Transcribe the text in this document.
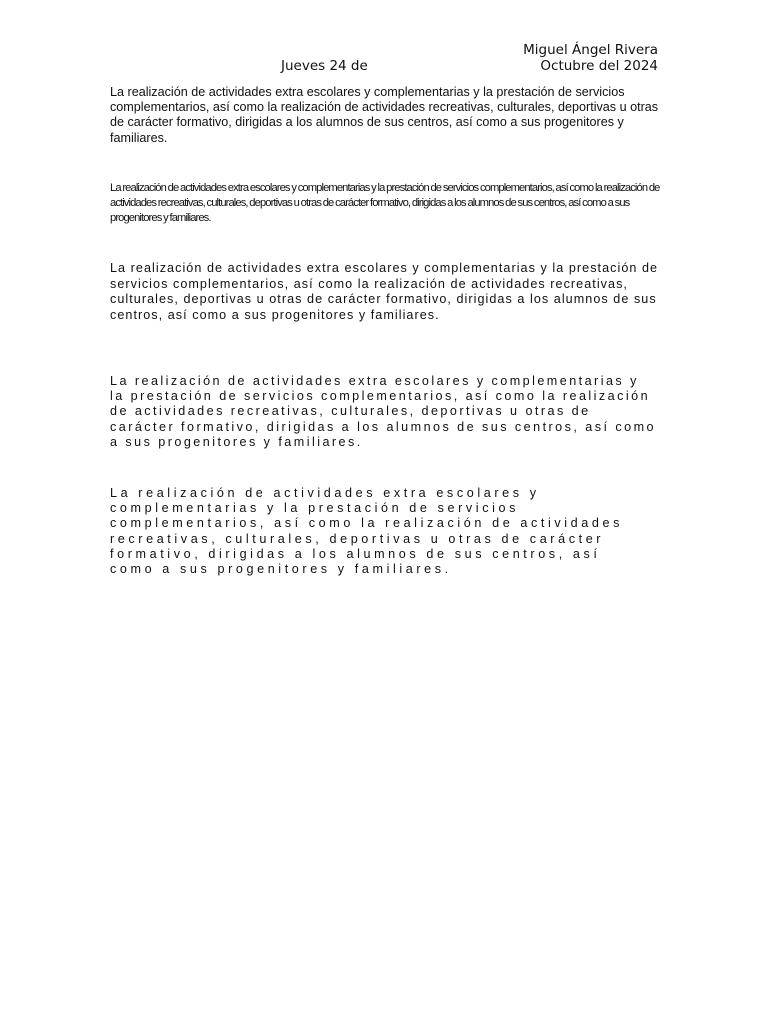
Miguel Ángel Rivera
Jueves 24 de	Octubre del 2024

La realización de actividades extra escolares y complementarias y la prestación de servicios complementarios, así como la realización de actividades recreativas, culturales, deportivas u otras de carácter formativo, dirigidas a los alumnos de sus centros, así como a sus progenitores y familiares.

La realización de actividades extra escolares y complementarias y la prestación de servicios complementarios, así como la realización de actividades recreativas, culturales, deportivas u otras de carácter formativo, dirigidas a los alumnos de sus centros, así como a sus progenitores y familiares.

La realización de actividades extra escolares y complementarias y la prestación de servicios complementarios, así como la realización de actividades recreativas, culturales, deportivas u otras de carácter formativo, dirigidas a los alumnos de sus centros, así como a sus progenitores y familiares.

La realización de actividades extra escolares y complementarias y la prestación de servicios complementarios, así como la realización de actividades recreativas, culturales, deportivas u otras de carácter formativo, dirigidas a los alumnos de sus centros, así como a sus progenitores y familiares.

La realización de actividades extra escolares y complementarias y la prestación de servicios complementarios, así como la realización de actividades recreativas, culturales, deportivas u otras de carácter formativo, dirigidas a los alumnos de sus centros, así como a sus progenitores y familiares.
